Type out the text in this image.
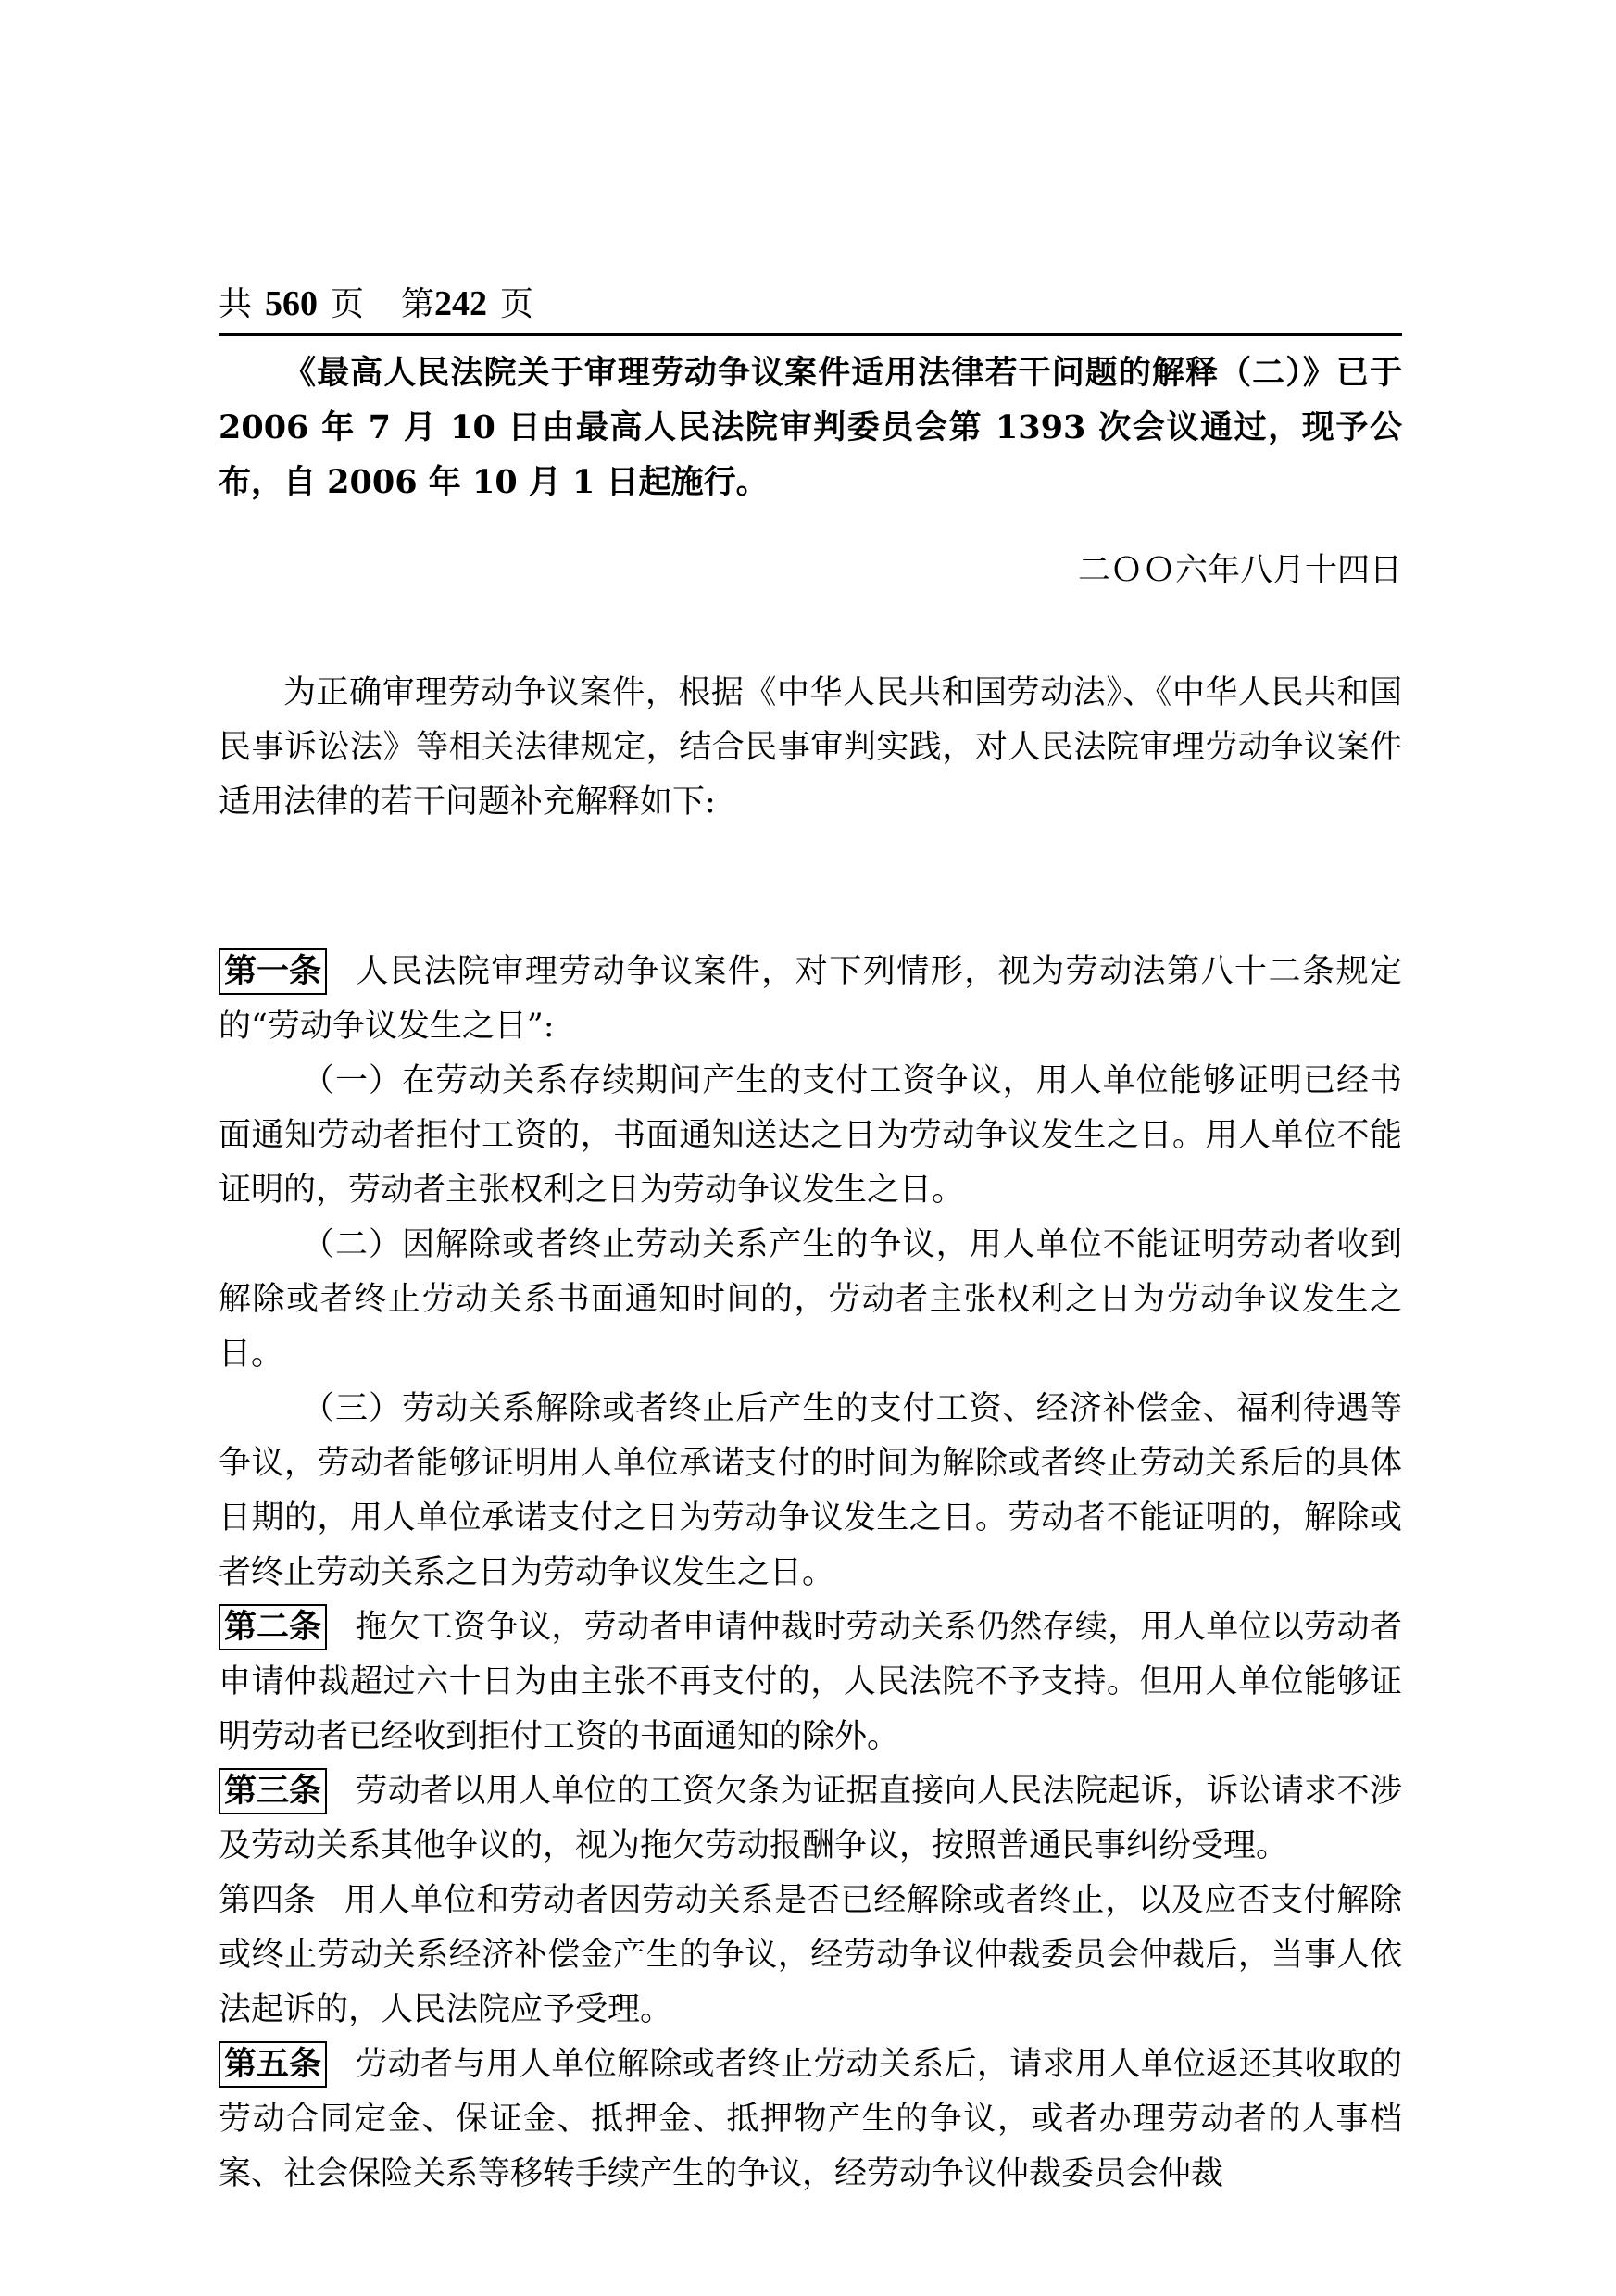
共 560 页 第242 页

《最高人民法院关于审理劳动争议案件适用法律若干问题的解释（二）》已于 2006 年 7 月 10 日由最高人民法院审判委员会第 1393 次会议通过，现予公布，自 2006 年 10 月 1 日起施行。

二ＯＯ六年八月十四日

为正确审理劳动争议案件，根据《中华人民共和国劳动法》、《中华人民共和国民事诉讼法》等相关法律规定，结合民事审判实践，对人民法院审理劳动争议案件适用法律的若干问题补充解释如下:

第一条 人民法院审理劳动争议案件，对下列情形，视为劳动法第八十二条规定的“劳动争议发生之日”:

（一）在劳动关系存续期间产生的支付工资争议，用人单位能够证明已经书面通知劳动者拒付工资的，书面通知送达之日为劳动争议发生之日。用人单位不能证明的，劳动者主张权利之日为劳动争议发生之日。

（二）因解除或者终止劳动关系产生的争议，用人单位不能证明劳动者收到解除或者终止劳动关系书面通知时间的，劳动者主张权利之日为劳动争议发生之日。

（三）劳动关系解除或者终止后产生的支付工资、经济补偿金、福利待遇等争议，劳动者能够证明用人单位承诺支付的时间为解除或者终止劳动关系后的具体日期的，用人单位承诺支付之日为劳动争议发生之日。劳动者不能证明的，解除或者终止劳动关系之日为劳动争议发生之日。

第二条 拖欠工资争议，劳动者申请仲裁时劳动关系仍然存续，用人单位以劳动者申请仲裁超过六十日为由主张不再支付的，人民法院不予支持。但用人单位能够证明劳动者已经收到拒付工资的书面通知的除外。

第三条 劳动者以用人单位的工资欠条为证据直接向人民法院起诉，诉讼请求不涉及劳动关系其他争议的，视为拖欠劳动报酬争议，按照普通民事纠纷受理。

第四条 用人单位和劳动者因劳动关系是否已经解除或者终止，以及应否支付解除或终止劳动关系经济补偿金产生的争议，经劳动争议仲裁委员会仲裁后，当事人依法起诉的，人民法院应予受理。

第五条 劳动者与用人单位解除或者终止劳动关系后，请求用人单位返还其收取的劳动合同定金、保证金、抵押金、抵押物产生的争议，或者办理劳动者的人事档案、社会保险关系等移转手续产生的争议，经劳动争议仲裁委员会仲裁
